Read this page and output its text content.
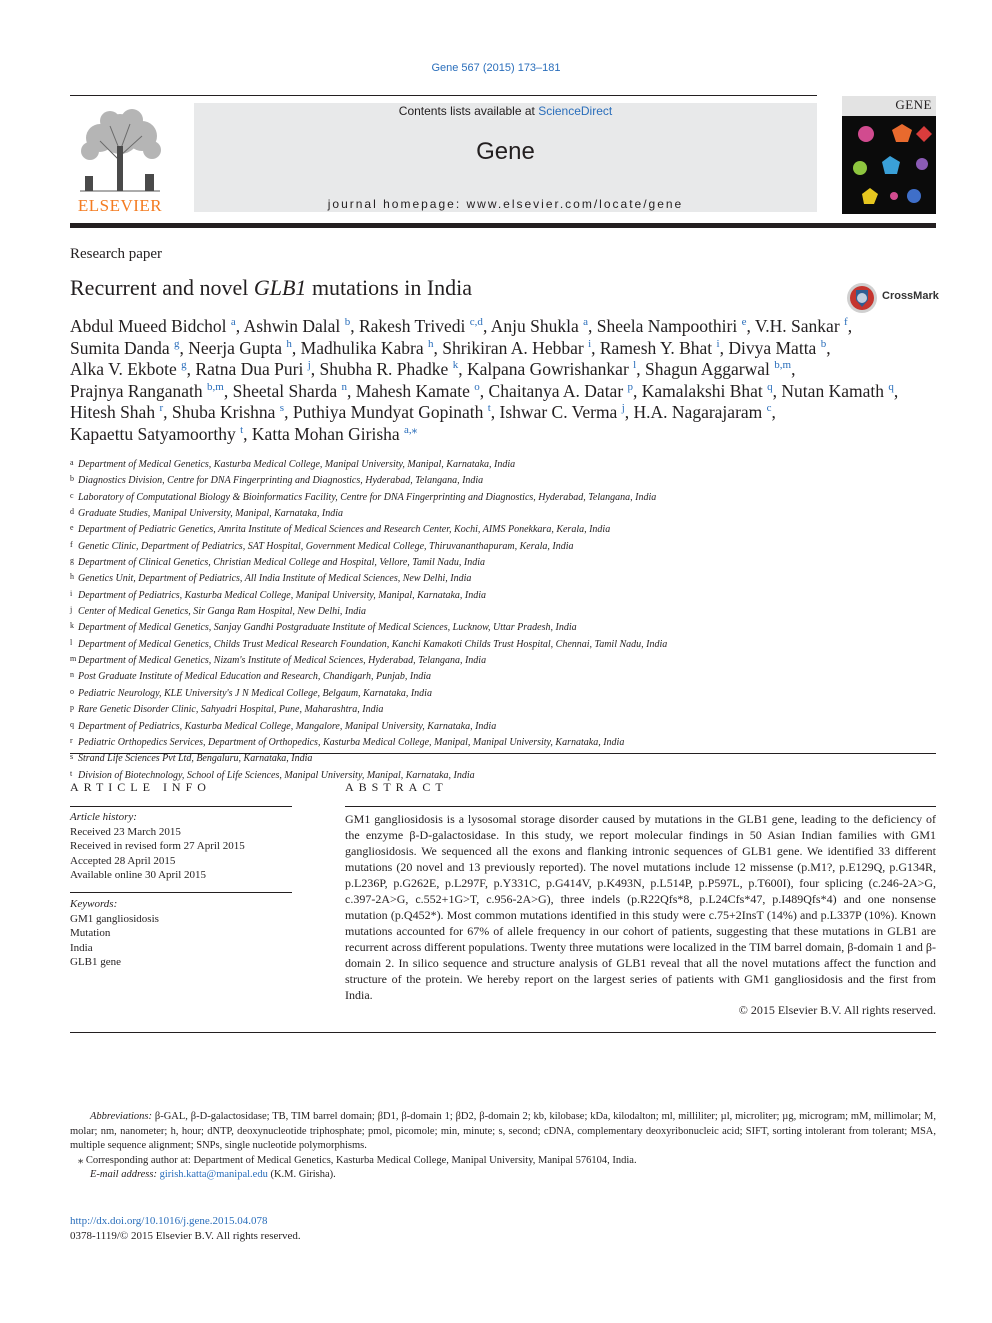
Gene 567 (2015) 173–181
ELSEVIER
Contents lists available at ScienceDirect
Gene
journal homepage: www.elsevier.com/locate/gene
GENE
Research paper
Recurrent and novel GLB1 mutations in India	CrossMark
Abdul Mueed Bidchol $^a$, Ashwin Dalal $^b$, Rakesh Trivedi $^{c,d}$, Anju Shukla $^a$, Sheela Nampoothiri $^e$, V.H. Sankar $^f$, Sumita Danda $^g$, Neerja Gupta $^h$, Madhulika Kabra $^h$, Shrikiran A. Hebbar $^i$, Ramesh Y. Bhat $^i$, Divya Matta $^b$, Alka V. Ekbote $^g$, Ratna Dua Puri $^j$, Shubha R. Phadke $^k$, Kalpana Gowrishankar $^l$, Shagun Aggarwal $^{b,m}$, Prajnya Ranganath $^{b,m}$, Sheetal Sharda $^n$, Mahesh Kamate $^o$, Chaitanya A. Datar $^p$, Kamalakshi Bhat $^q$, Nutan Kamath $^q$, Hitesh Shah $^r$, Shuba Krishna $^s$, Puthiya Mundyat Gopinath $^t$, Ishwar C. Verma $^j$, H.A. Nagarajaram $^c$, Kapaettu Satyamoorthy $^t$, Katta Mohan Girisha $^{a,⁎}$
a Department of Medical Genetics, Kasturba Medical College, Manipal University, Manipal, Karnataka, India
b Diagnostics Division, Centre for DNA Fingerprinting and Diagnostics, Hyderabad, Telangana, India
c Laboratory of Computational Biology & Bioinformatics Facility, Centre for DNA Fingerprinting and Diagnostics, Hyderabad, Telangana, India
d Graduate Studies, Manipal University, Manipal, Karnataka, India
e Department of Pediatric Genetics, Amrita Institute of Medical Sciences and Research Center, Kochi, AIMS Ponekkara, Kerala, India
f Genetic Clinic, Department of Pediatrics, SAT Hospital, Government Medical College, Thiruvananthapuram, Kerala, India
g Department of Clinical Genetics, Christian Medical College and Hospital, Vellore, Tamil Nadu, India
h Genetics Unit, Department of Pediatrics, All India Institute of Medical Sciences, New Delhi, India
i Department of Pediatrics, Kasturba Medical College, Manipal University, Manipal, Karnataka, India
j Center of Medical Genetics, Sir Ganga Ram Hospital, New Delhi, India
k Department of Medical Genetics, Sanjay Gandhi Postgraduate Institute of Medical Sciences, Lucknow, Uttar Pradesh, India
l Department of Medical Genetics, Childs Trust Medical Research Foundation, Kanchi Kamakoti Childs Trust Hospital, Chennai, Tamil Nadu, India
m Department of Medical Genetics, Nizam's Institute of Medical Sciences, Hyderabad, Telangana, India
n Post Graduate Institute of Medical Education and Research, Chandigarh, Punjab, India
o Pediatric Neurology, KLE University's J N Medical College, Belgaum, Karnataka, India
p Rare Genetic Disorder Clinic, Sahyadri Hospital, Pune, Maharashtra, India
q Department of Pediatrics, Kasturba Medical College, Mangalore, Manipal University, Karnataka, India
r Pediatric Orthopedics Services, Department of Orthopedics, Kasturba Medical College, Manipal, Manipal University, Karnataka, India
s Strand Life Sciences Pvt Ltd, Bengaluru, Karnataka, India
t Division of Biotechnology, School of Life Sciences, Manipal University, Manipal, Karnataka, India
ARTICLE INFO
Article history:
Received 23 March 2015
Received in revised form 27 April 2015
Accepted 28 April 2015
Available online 30 April 2015
Keywords:
GM1 gangliosidosis
Mutation
India
GLB1 gene
ABSTRACT

GM1 gangliosidosis is a lysosomal storage disorder caused by mutations in the GLB1 gene, leading to the deficiency of the enzyme β-D-galactosidase. In this study, we report molecular findings in 50 Asian Indian families with GM1 gangliosidosis. We sequenced all the exons and flanking intronic sequences of GLB1 gene. We identified 33 different mutations (20 novel and 13 previously reported). The novel mutations include 12 missense (p.M1?, p.E129Q, p.G134R, p.L236P, p.G262E, p.L297F, p.Y331C, p.G414V, p.K493N, p.L514P, p.P597L, p.T600I), four splicing (c.246-2A>G, c.397-2A>G, c.552+1G>T, c.956-2A>G), three indels (p.R22Qfs*8, p.L24Cfs*47, p.I489Qfs*4) and one nonsense mutation (p.Q452*). Most common mutations identified in this study were c.75+2InsT (14%) and p.L337P (10%). Known mutations accounted for 67% of allele frequency in our cohort of patients, suggesting that these mutations in GLB1 are recurrent across different populations. Twenty three mutations were localized in the TIM barrel domain, β-domain 1 and β-domain 2. In silico sequence and structure analysis of GLB1 reveal that all the novel mutations affect the function and structure of the protein. We hereby report on the largest series of patients with GM1 gangliosidosis and the first from India.

© 2015 Elsevier B.V. All rights reserved.

Abbreviations: β-GAL, β-D-galactosidase; TB, TIM barrel domain; βD1, β-domain 1; βD2, β-domain 2; kb, kilobase; kDa, kilodalton; ml, milliliter; µl, microliter; µg, microgram; mM, millimolar; M, molar; nm, nanometer; h, hour; dNTP, deoxynucleotide triphosphate; pmol, picomole; min, minute; s, second; cDNA, complementary deoxyribonucleic acid; SIFT, sorting intolerant from tolerant; MSA, multiple sequence alignment; SNPs, single nucleotide polymorphisms.

⁎ Corresponding author at: Department of Medical Genetics, Kasturba Medical College, Manipal University, Manipal 576104, India.

E-mail address: girish.katta@manipal.edu (K.M. Girisha).

http://dx.doi.org/10.1016/j.gene.2015.04.078
0378-1119/© 2015 Elsevier B.V. All rights reserved.
